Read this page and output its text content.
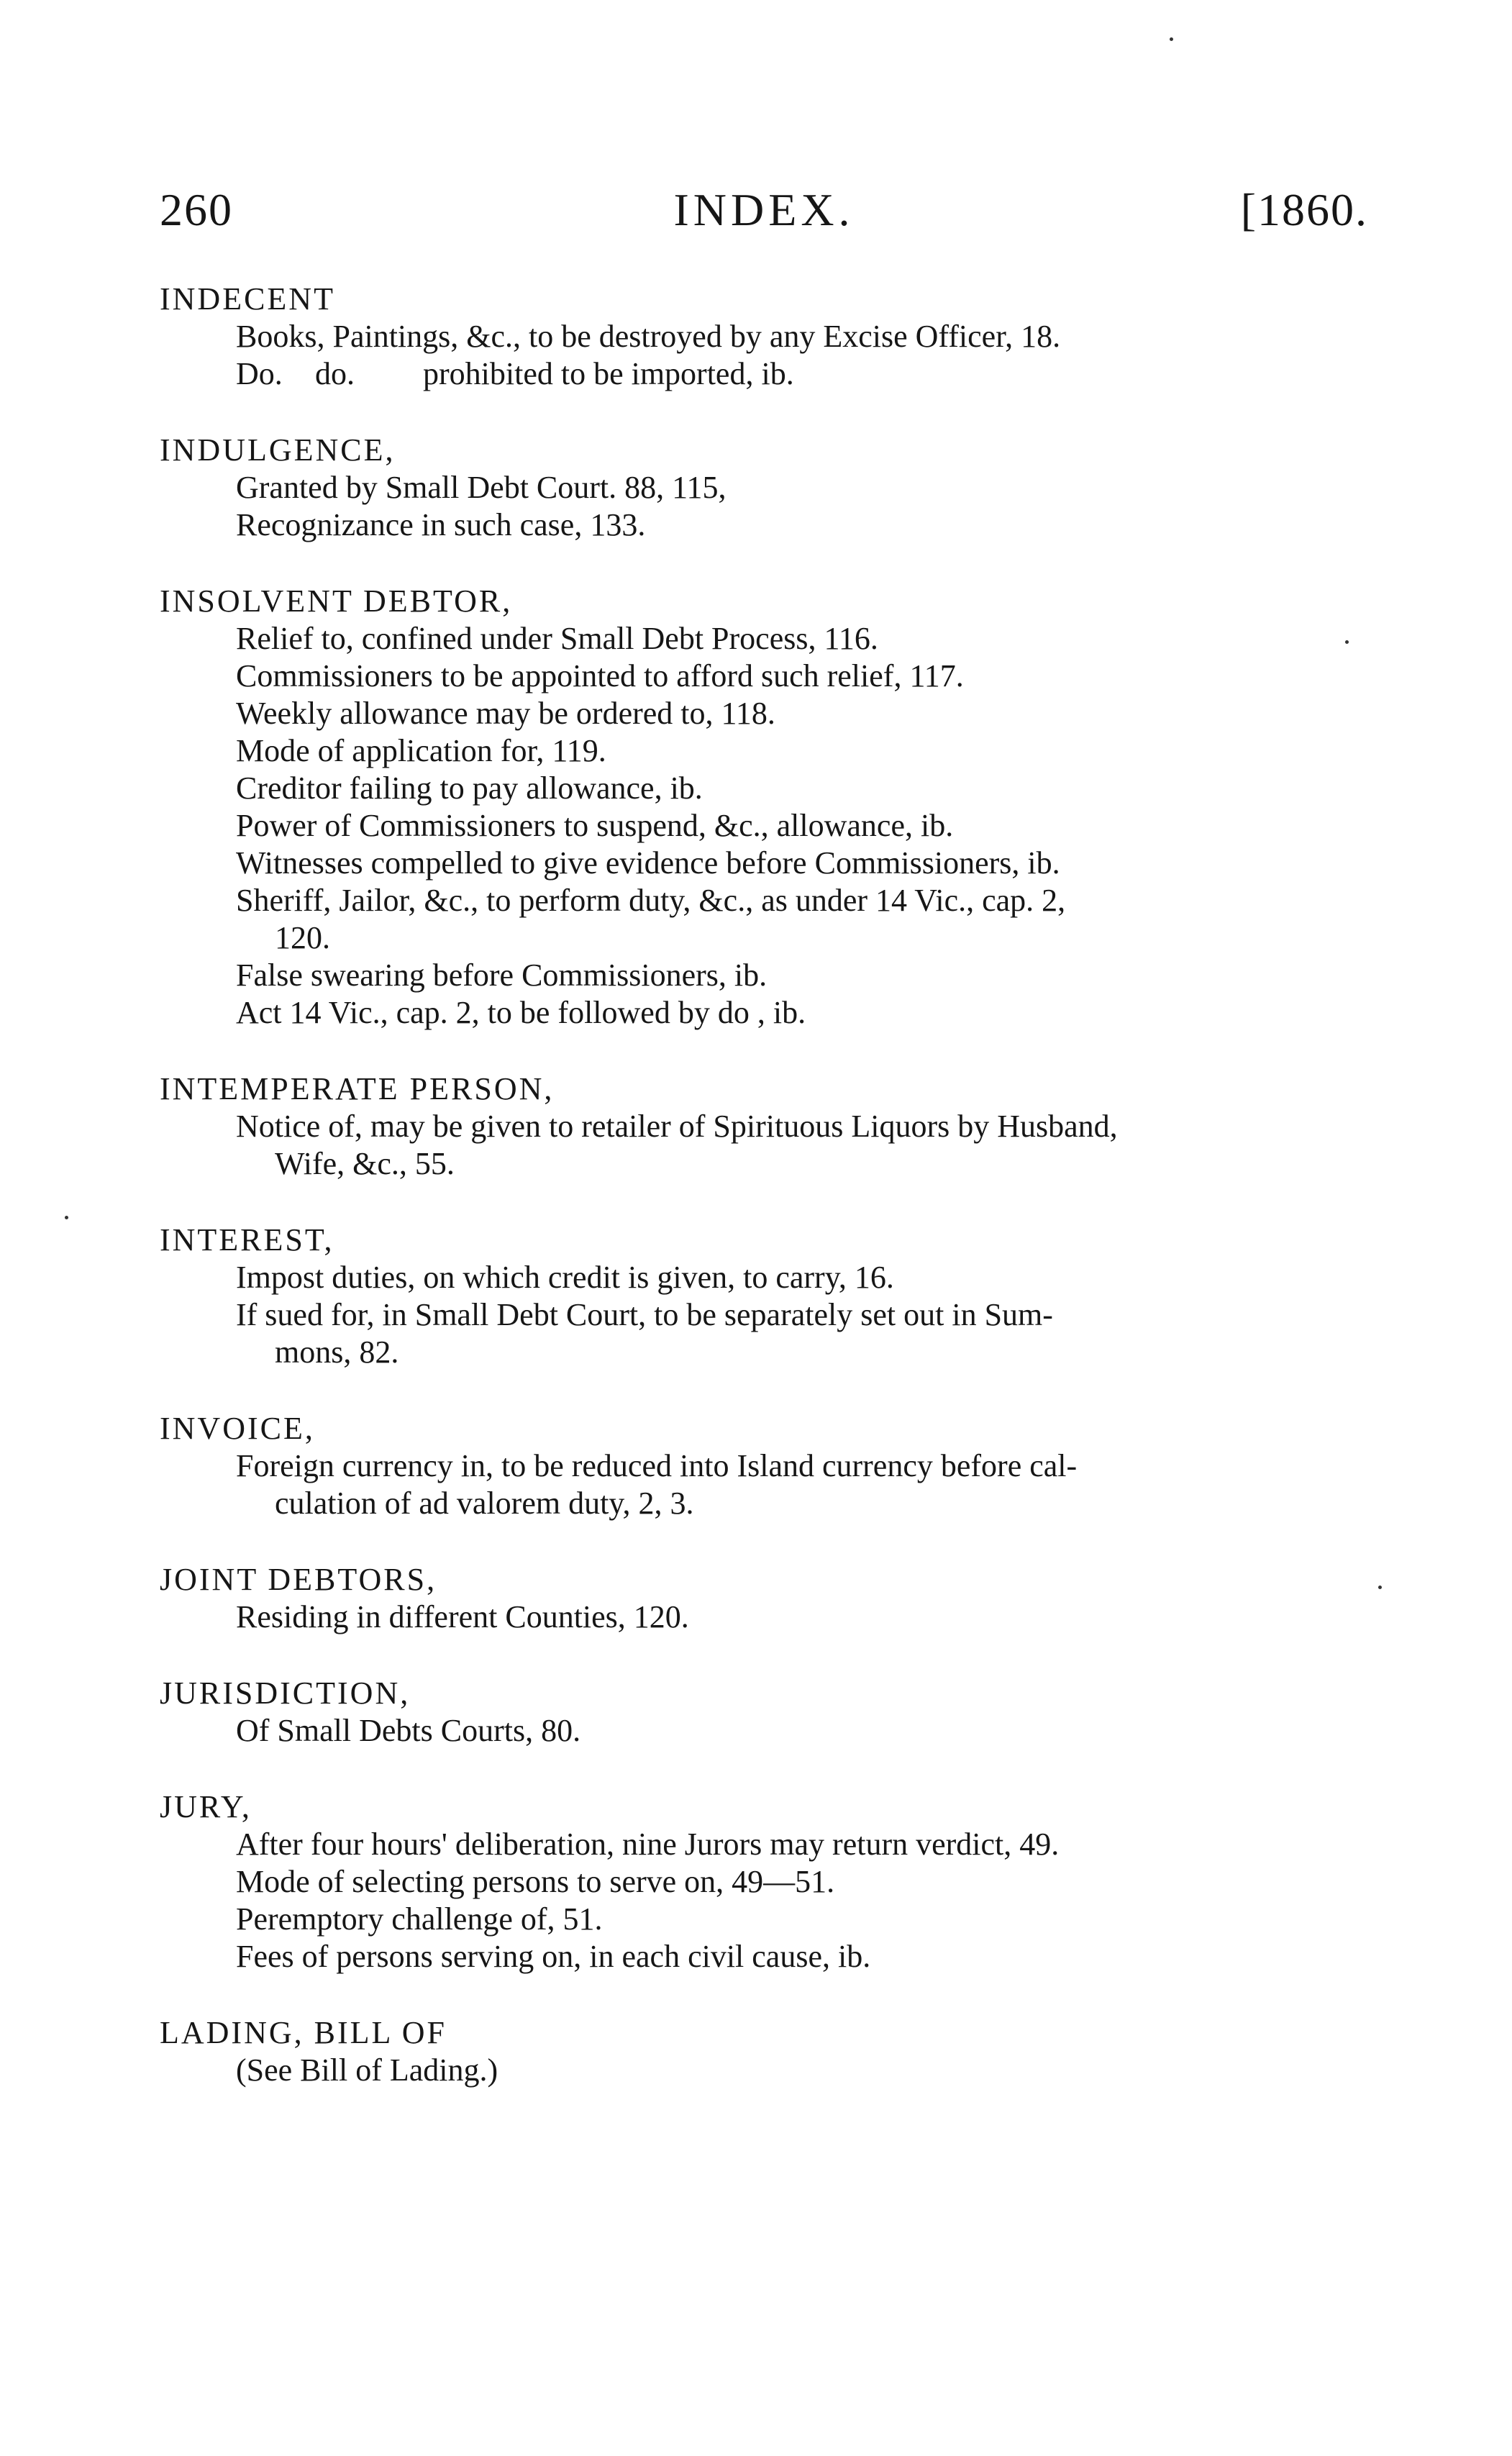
260	INDEX.	[1860.
INDECENT
Books, Paintings, &c., to be destroyed by any Excise Officer, 18.
Do. do. prohibited to be imported, ib.
INDULGENCE,
Granted by Small Debt Court. 88, 115,
Recognizance in such case, 133.
INSOLVENT DEBTOR,
Relief to, confined under Small Debt Process, 116.
Commissioners to be appointed to afford such relief, 117.
Weekly allowance may be ordered to, 118.
Mode of application for, 119.
Creditor failing to pay allowance, ib.
Power of Commissioners to suspend, &c., allowance, ib.
Witnesses compelled to give evidence before Commissioners, ib.
Sheriff, Jailor, &c., to perform duty, &c., as under 14 Vic., cap. 2,
120.
False swearing before Commissioners, ib.
Act 14 Vic., cap. 2, to be followed by do , ib.
INTEMPERATE PERSON,
Notice of, may be given to retailer of Spirituous Liquors by Husband,
Wife, &c., 55.
INTEREST,
Impost duties, on which credit is given, to carry, 16.
If sued for, in Small Debt Court, to be separately set out in Sum-
mons, 82.
INVOICE,
Foreign currency in, to be reduced into Island currency before cal-
culation of ad valorem duty, 2, 3.
JOINT DEBTORS,
Residing in different Counties, 120.
JURISDICTION,
Of Small Debts Courts, 80.
JURY,
After four hours' deliberation, nine Jurors may return verdict, 49.
Mode of selecting persons to serve on, 49—51.
Peremptory challenge of, 51.
Fees of persons serving on, in each civil cause, ib.
LADING, BILL OF
(See Bill of Lading.)
